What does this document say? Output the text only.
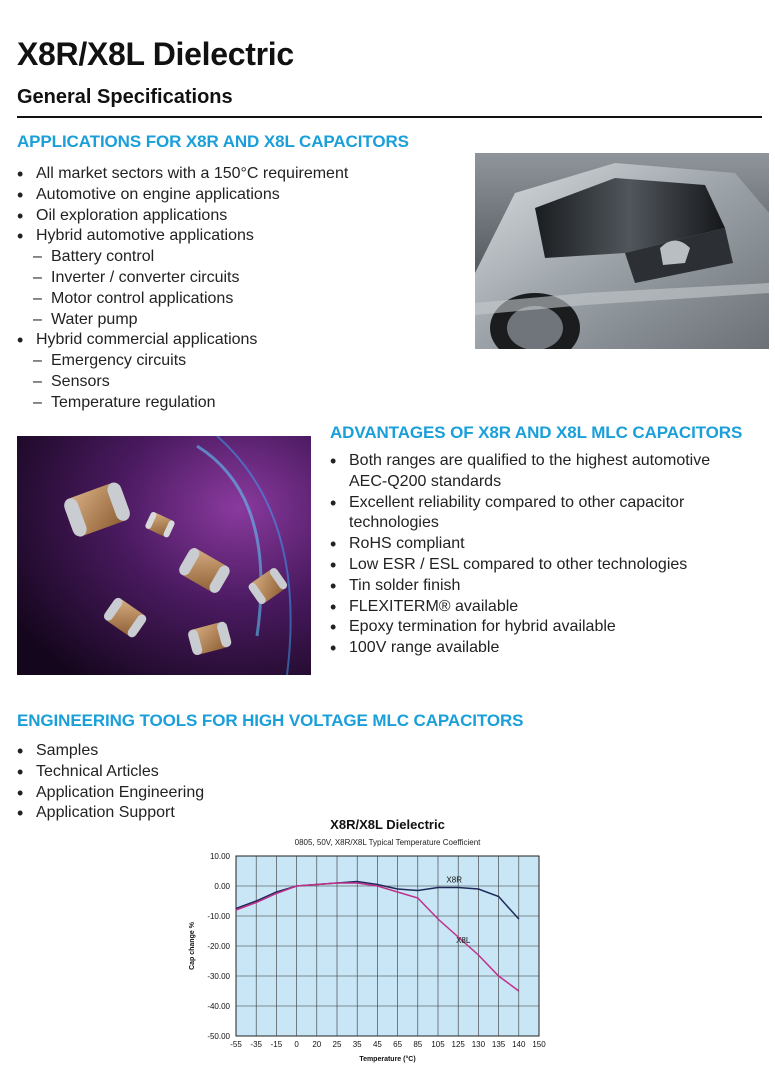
X8R/X8L Dielectric
General Specifications
APPLICATIONS FOR X8R AND X8L CAPACITORS
• All market sectors with a 150°C requirement
• Automotive on engine applications
• Oil exploration applications
• Hybrid automotive applications
– Battery control
– Inverter / converter circuits
– Motor control applications
– Water pump
• Hybrid commercial applications
– Emergency circuits
– Sensors
– Temperature regulation
ADVANTAGES OF X8R AND X8L MLC CAPACITORS
• Both ranges are qualified to the highest automotive AEC-Q200 standards
• Excellent reliability compared to other capacitor technologies
• RoHS compliant
• Low ESR / ESL compared to other technologies
• Tin solder finish
• FLEXITERM® available
• Epoxy termination for hybrid available
• 100V range available
ENGINEERING TOOLS FOR HIGH VOLTAGE MLC CAPACITORS
• Samples
• Technical Articles
• Application Engineering
• Application Support
X8R/X8L Dielectric
0805, 50V, X8R/X8L Typical Temperature Coefficient
10.00
0.00
-10.00
-20.00
-30.00
-40.00
-50.00
-55 -35 -15 0 20 25 35 45 65 85 105 125 130 135 140 150
Temperature (°C)
Cap change %
X8R
X8L
